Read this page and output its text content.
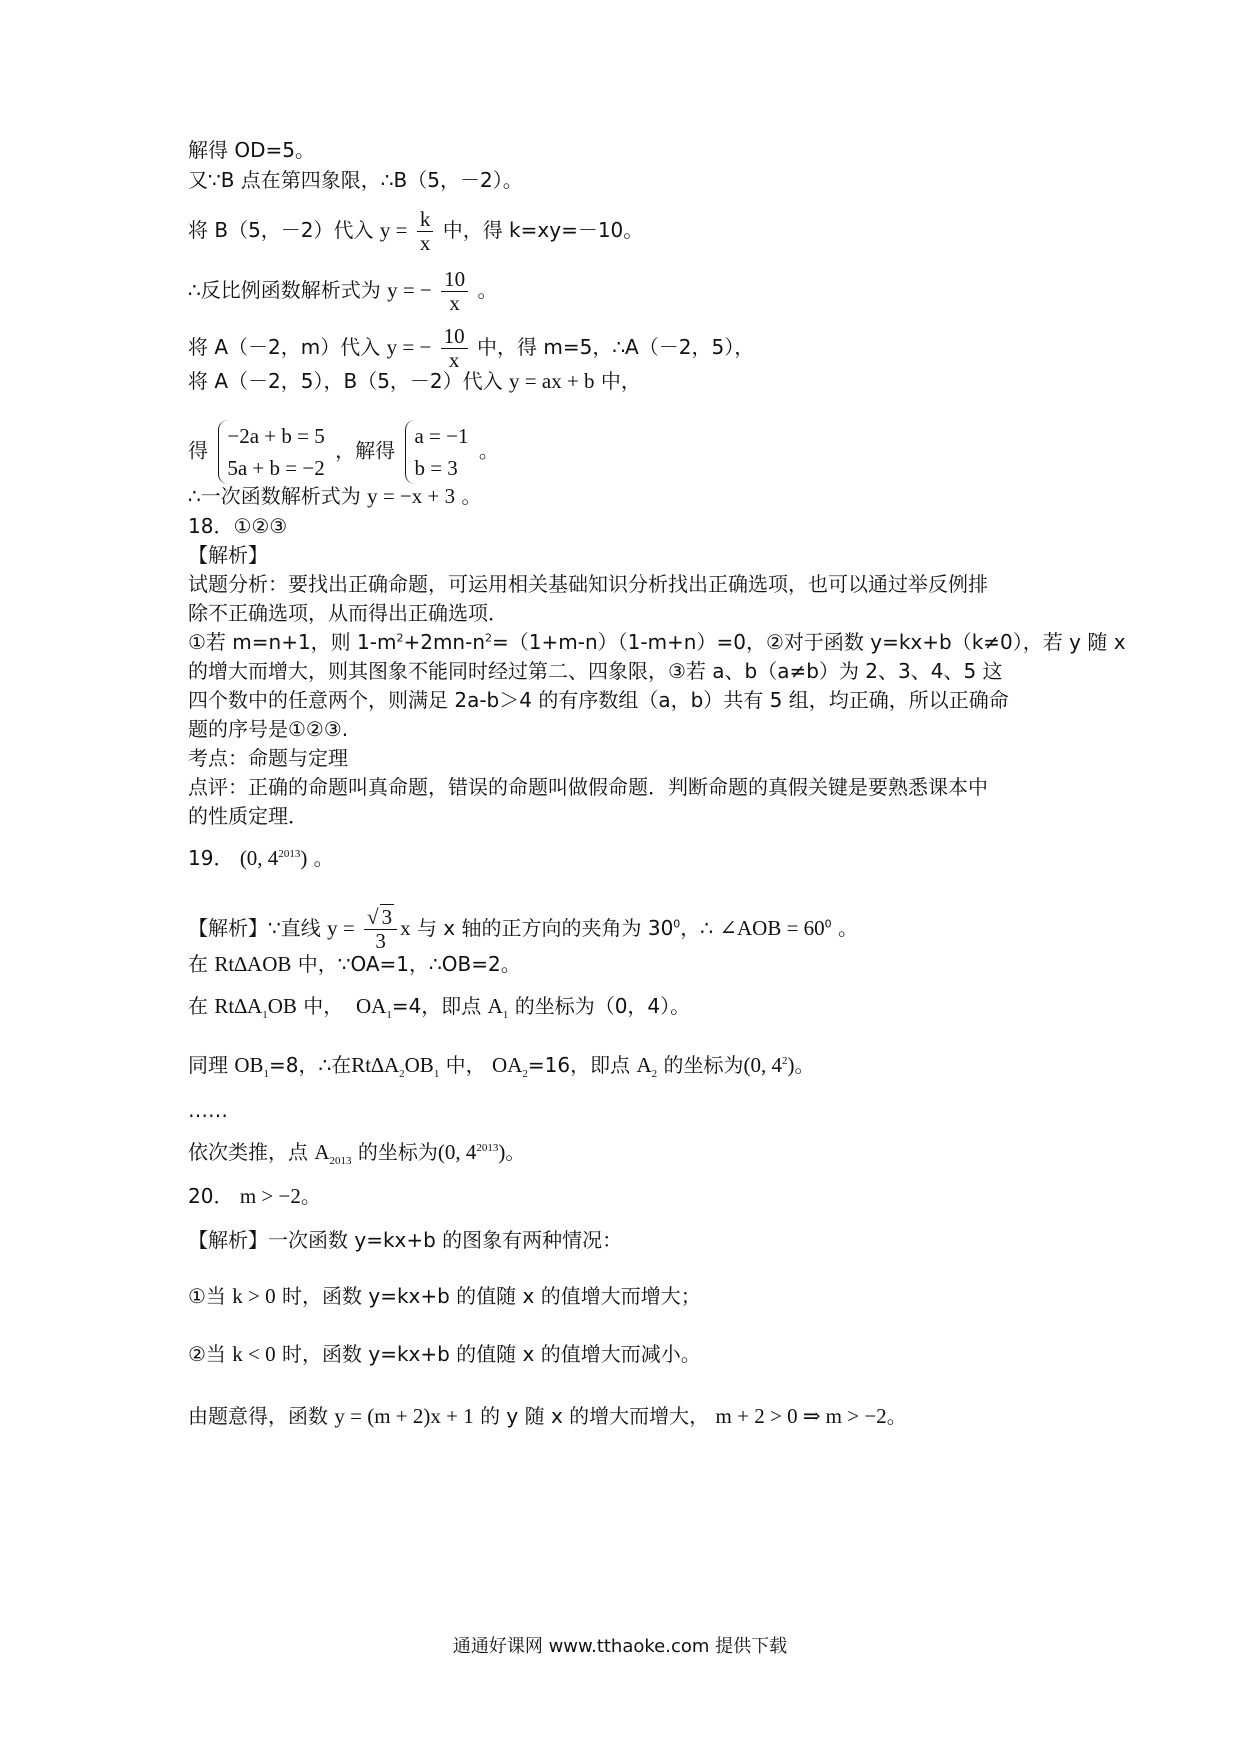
解得 OD=5。
又∵B 点在第四象限，∴B（5，－2）。
将 B（5，－2）代入 $y = \frac{k}{x}$ 中，得 k=xy=－10。
∴反比例函数解析式为 y = − $\frac{10}{x}$ 。
将 A（－2，m）代入 y = − $\frac{10}{x}$ 中，得 m=5，∴A（－2，5），
将 A（－2，5），B（5，－2）代入 y = ax + b 中，
得
−2a + b = 5
5a + b = −2
，解得
a = −1
b = 3
。
∴一次函数解析式为 y = −x + 3 。
18．①②③
【解析】
试题分析：要找出正确命题，可运用相关基础知识分析找出正确选项，也可以通过举反例排
除不正确选项，从而得出正确选项．
①若 m=n+1，则 $1-m^2+2mn-n^2=(1+m-n)(1-m+n)=0$，②对于函数 y=kx+b（k≠0），若 y 随 x
的增大而增大，则其图象不能同时经过第二、四象限，③若 a、b（a≠b）为 2、3、4、5 这
四个数中的任意两个，则满足 2a-b＞4 的有序数组（a，b）共有 5 组，均正确，所以正确命
题的序号是①②③.
考点：命题与定理
点评：正确的命题叫真命题，错误的命题叫做假命题．判断命题的真假关键是要熟悉课本中
的性质定理．
19． (0, $4^{2013}$) 。
【解析】∵直线 $y = \frac{√ 3}{3}$ x 与 x 轴的正方向的夹角为 $30^0$，∴ ∠AOB = $60^0$ 。
在 Rt∆AOB 中，∵OA=1，∴OB=2。
在 $Rt\Delta A_1OB$ 中， $OA_1=4$，即点 $A_1$ 的坐标为（0，4）。
同理 $OB_1=8$，∴在$Rt\Delta A_2OB_1$ 中， $OA_2=16$，即点 $A_2$ 的坐标为(0, $4^2$)。
……
依次类推，点 $A_{2013}$ 的坐标为(0, $4^{2013}$)。
20． m > −2。
【解析】一次函数 y=kx+b 的图象有两种情况：
①当 k > 0 时，函数 y=kx+b 的值随 x 的值增大而增大；
②当 k < 0 时，函数 y=kx+b 的值随 x 的值增大而减小。
由题意得，函数 y = (m + 2)x + 1 的 y 随 x 的增大而增大， m + 2 > 0 ⇒ m > −2。
通通好课网 www.tthaoke.com 提供下载
